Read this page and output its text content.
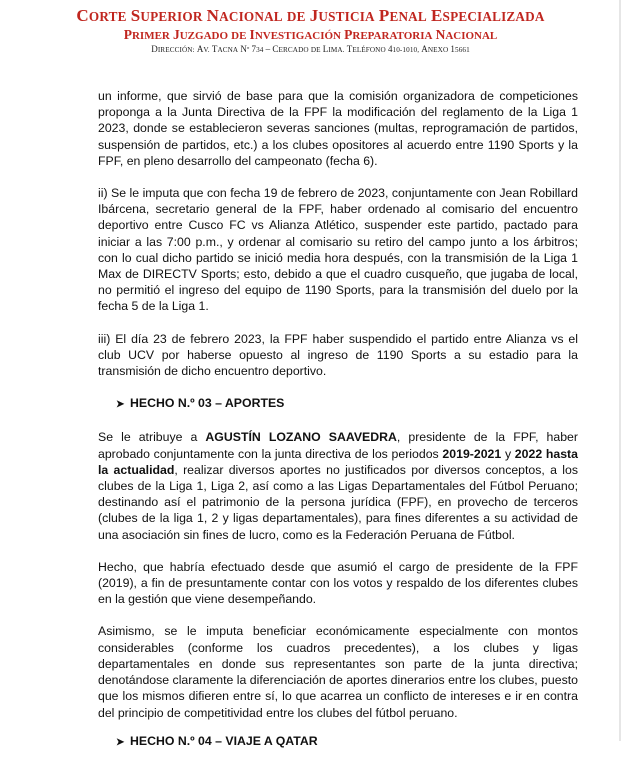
CORTE SUPERIOR NACIONAL DE JUSTICIA PENAL ESPECIALIZADA
PRIMER JUZGADO DE INVESTIGACIÓN PREPARATORIA NACIONAL
DIRECCIÓN: AV. TACNA Nº 734 – CERCADO DE LIMA. TELÉFONO 410-1010, ANEXO 15661

un informe, que sirvió de base para que la comisión organizadora de competiciones proponga a la Junta Directiva de la FPF la modificación del reglamento de la Liga 1 2023, donde se establecieron severas sanciones (multas, reprogramación de partidos, suspensión de partidos, etc.) a los clubes opositores al acuerdo entre 1190 Sports y la FPF, en pleno desarrollo del campeonato (fecha 6).

ii) Se le imputa que con fecha 19 de febrero de 2023, conjuntamente con Jean Robillard Ibárcena, secretario general de la FPF, haber ordenado al comisario del encuentro deportivo entre Cusco FC vs Alianza Atlético, suspender este partido, pactado para iniciar a las 7:00 p.m., y ordenar al comisario su retiro del campo junto a los árbitros; con lo cual dicho partido se inició media hora después, con la transmisión de la Liga 1 Max de DIRECTV Sports; esto, debido a que el cuadro cusqueño, que jugaba de local, no permitió el ingreso del equipo de 1190 Sports, para la transmisión del duelo por la fecha 5 de la Liga 1.

iii) El día 23 de febrero 2023, la FPF haber suspendido el partido entre Alianza vs el club UCV por haberse opuesto al ingreso de 1190 Sports a su estadio para la transmisión de dicho encuentro deportivo.

➤ HECHO N.º 03 – APORTES

Se le atribuye a AGUSTÍN LOZANO SAAVEDRA, presidente de la FPF, haber aprobado conjuntamente con la junta directiva de los periodos 2019-2021 y 2022 hasta la actualidad, realizar diversos aportes no justificados por diversos conceptos, a los clubes de la Liga 1, Liga 2, así como a las Ligas Departamentales del Fútbol Peruano; destinando así el patrimonio de la persona jurídica (FPF), en provecho de terceros (clubes de la liga 1, 2 y ligas departamentales), para fines diferentes a su actividad de una asociación sin fines de lucro, como es la Federación Peruana de Fútbol.

Hecho, que habría efectuado desde que asumió el cargo de presidente de la FPF (2019), a fin de presuntamente contar con los votos y respaldo de los diferentes clubes en la gestión que viene desempeñando.

Asimismo, se le imputa beneficiar económicamente especialmente con montos considerables (conforme los cuadros precedentes), a los clubes y ligas departamentales en donde sus representantes son parte de la junta directiva; denotándose claramente la diferenciación de aportes dinerarios entre los clubes, puesto que los mismos difieren entre sí, lo que acarrea un conflicto de intereses e ir en contra del principio de competitividad entre los clubes del fútbol peruano.

➤ HECHO N.º 04 – VIAJE A QATAR
